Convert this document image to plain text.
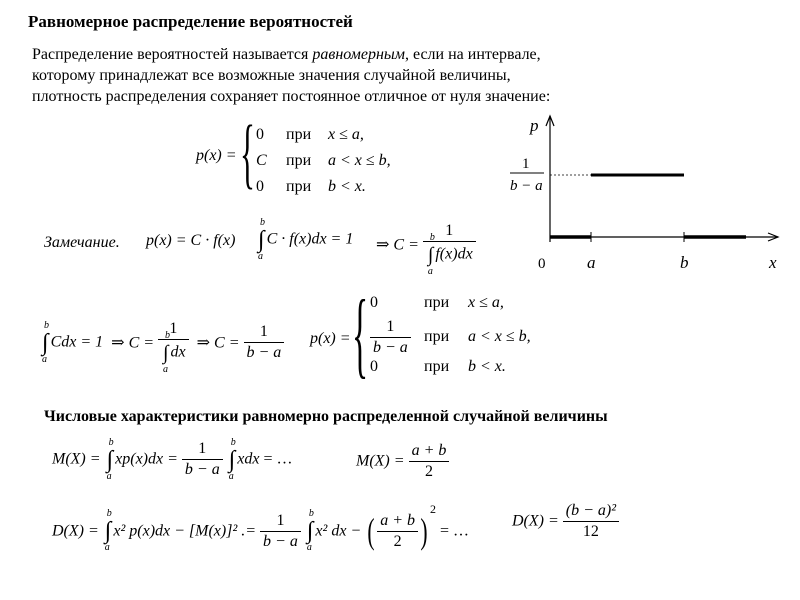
Равномерное распределение вероятностей
Распределение вероятностей называется равномерным, если на интервале,
которому принадлежат все возможные значения случайной величины,
плотность распределения сохраняет постоянное отличное от нуля значение:
p(x) = { 0 при x ≤ a,
C при a < x ≤ b,
0 при b < x.
p
x
0 a	b
1
b − a
Замечание. p(x) = C · f(x) ∫
b
a
C · f(x)dx = 1 ⇒ C = 1
∫
b
a
f(x)dx
∫
b
a
Cdx = 1 ⇒ C = 1
∫
b
a
dx ⇒ $C = \frac{1}{b - a} p(x)$ = { 0	при x ≤ a,
$\frac{1}{b - a}$ при	a < x ≤ b,
0	при b < x.
Числовые характеристики равномерно распределенной случайной величины
M(X) = ∫
b
a
$xp(x)dx = \frac{1}{b - a}$ ∫
b
a
xdx = …	$M(X) = \frac{a + b}{2}$
D(X) = ∫
b
a
x² p(x)dx − [M(x)]² .= $\frac{1}{b - a}$ ∫
b
a
x² dx − ( $\frac{a + b}{2} )^2$ = …
$D(X) = \frac{\text{(b − a)²}}{12}$
